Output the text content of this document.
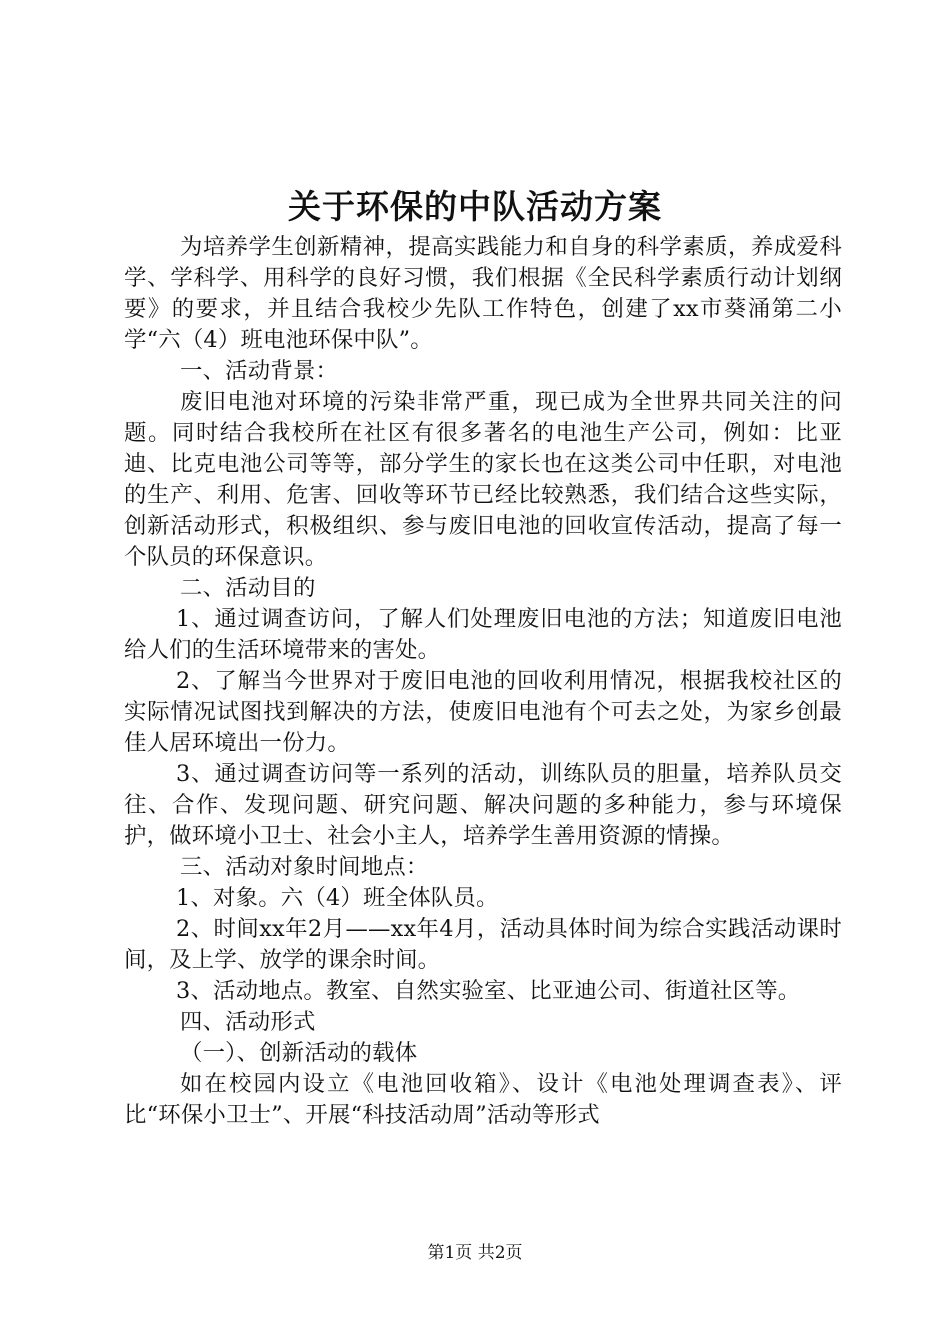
关于环保的中队活动方案

为培养学生创新精神，提高实践能力和自身的科学素质，养成爱科学、学科学、用科学的良好习惯，我们根据《全民科学素质行动计划纲要》的要求，并且结合我校少先队工作特色，创建了xx市葵涌第二小学“六（4）班电池环保中队”。

一、活动背景：

废旧电池对环境的污染非常严重，现已成为全世界共同关注的问题。同时结合我校所在社区有很多著名的电池生产公司，例如：比亚迪、比克电池公司等等，部分学生的家长也在这类公司中任职，对电池的生产、利用、危害、回收等环节已经比较熟悉，我们结合这些实际，创新活动形式，积极组织、参与废旧电池的回收宣传活动，提高了每一个队员的环保意识。

二、活动目的

1、通过调查访问，了解人们处理废旧电池的方法；知道废旧电池给人们的生活环境带来的害处。

2、了解当今世界对于废旧电池的回收利用情况，根据我校社区的实际情况试图找到解决的方法，使废旧电池有个可去之处，为家乡创最佳人居环境出一份力。

3、通过调查访问等一系列的活动，训练队员的胆量，培养队员交往、合作、发现问题、研究问题、解决问题的多种能力，参与环境保护，做环境小卫士、社会小主人，培养学生善用资源的情操。

三、活动对象时间地点：

1、对象。六（4）班全体队员。

2、时间xx年2月——xx年4月，活动具体时间为综合实践活动课时间，及上学、放学的课余时间。

3、活动地点。教室、自然实验室、比亚迪公司、街道社区等。

四、活动形式

（一）、创新活动的载体

如在校园内设立《电池回收箱》、设计《电池处理调查表》、评比“环保小卫士”、开展“科技活动周”活动等形式

第1页 共2页
